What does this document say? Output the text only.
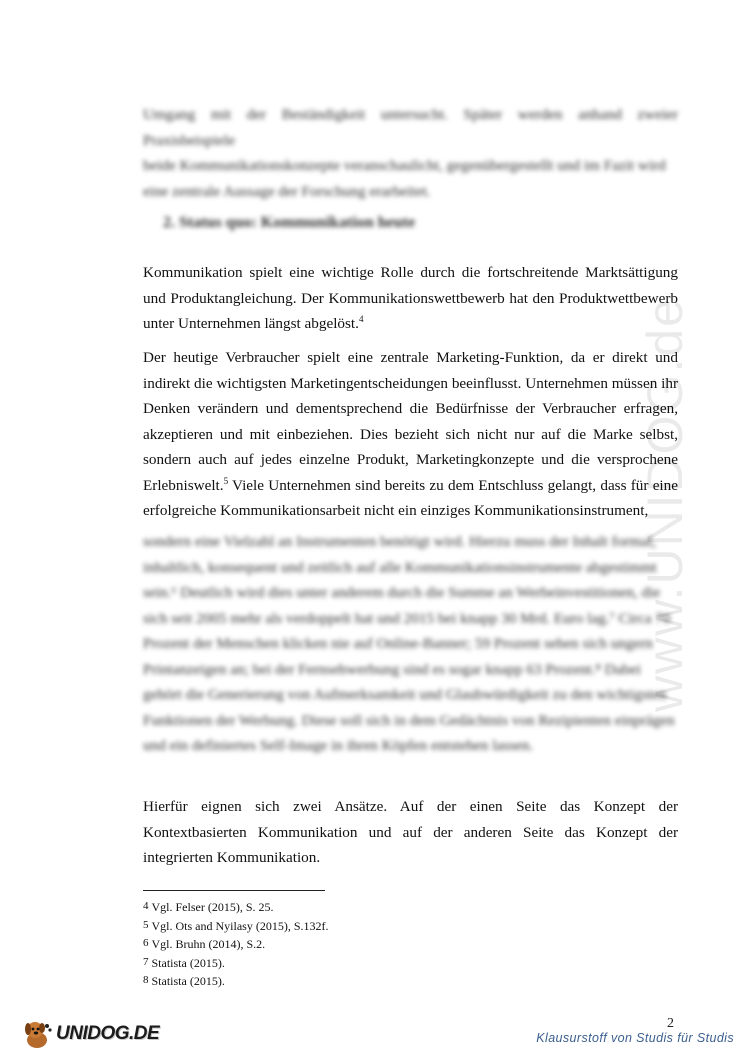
Umgang mit der Beständigkeit untersucht. Später werden anhand zweier Praxisbeispiele
beide Kommunikationskonzepte veranschaulicht, gegenübergestellt und im Fazit wird
eine zentrale Aussage der Forschung erarbeitet.
2. Status quo: Kommunikation heute
Kommunikation spielt eine wichtige Rolle durch die fortschreitende Marktsättigung und Produktangleichung. Der Kommunikationswettbewerb hat den Produktwettbewerb unter Unternehmen längst abgelöst.$^4$
Der heutige Verbraucher spielt eine zentrale Marketing-Funktion, da er direkt und indirekt die wichtigsten Marketingentscheidungen beeinflusst. Unternehmen müssen ihr Denken verändern und dementsprechend die Bedürfnisse der Verbraucher erfragen, akzeptieren und mit einbeziehen. Dies bezieht sich nicht nur auf die Marke selbst, sondern auch auf jedes einzelne Produkt, Marketingkonzepte und die versprochene Erlebniswelt.$^5$ Viele Unternehmen sind bereits zu dem Entschluss gelangt, dass für eine erfolgreiche Kommunikationsarbeit nicht ein einziges Kommunikationsinstrument,
sondern eine Vielzahl an Instrumenten benötigt wird. Hierzu muss der Inhalt formal,
inhaltlich, konsequent und zeitlich auf alle Kommunikationsinstrumente abgestimmt
sein.⁶ Deutlich wird dies unter anderem durch die Summe an Werbeinvestitionen, die
sich seit 2005 mehr als verdoppelt hat und 2015 bei knapp 30 Mrd. Euro lag.⁷ Circa 70
Prozent der Menschen klicken nie auf Online-Banner; 59 Prozent sehen sich ungern
Printanzeigen an; bei der Fernsehwerbung sind es sogar knapp 63 Prozent.⁸ Dabei
gehört die Generierung von Aufmerksamkeit und Glaubwürdigkeit zu den wichtigsten
Funktionen der Werbung. Diese soll sich in dem Gedächtnis von Rezipienten einprägen
und ein definiertes Self-Image in ihren Köpfen entstehen lassen.
Hierfür eignen sich zwei Ansätze. Auf der einen Seite das Konzept der Kontextbasierten Kommunikation und auf der anderen Seite das Konzept der integrierten Kommunikation.
4 Vgl. Felser (2015), S. 25.
5 Vgl. Ots and Nyilasy (2015), S.132f.
6 Vgl. Bruhn (2014), S.2.
7 Statista (2015).
8 Statista (2015).
www.UNIDOG.de
2
UNIDOG.DE	Klausurstoff von Studis für Studis
